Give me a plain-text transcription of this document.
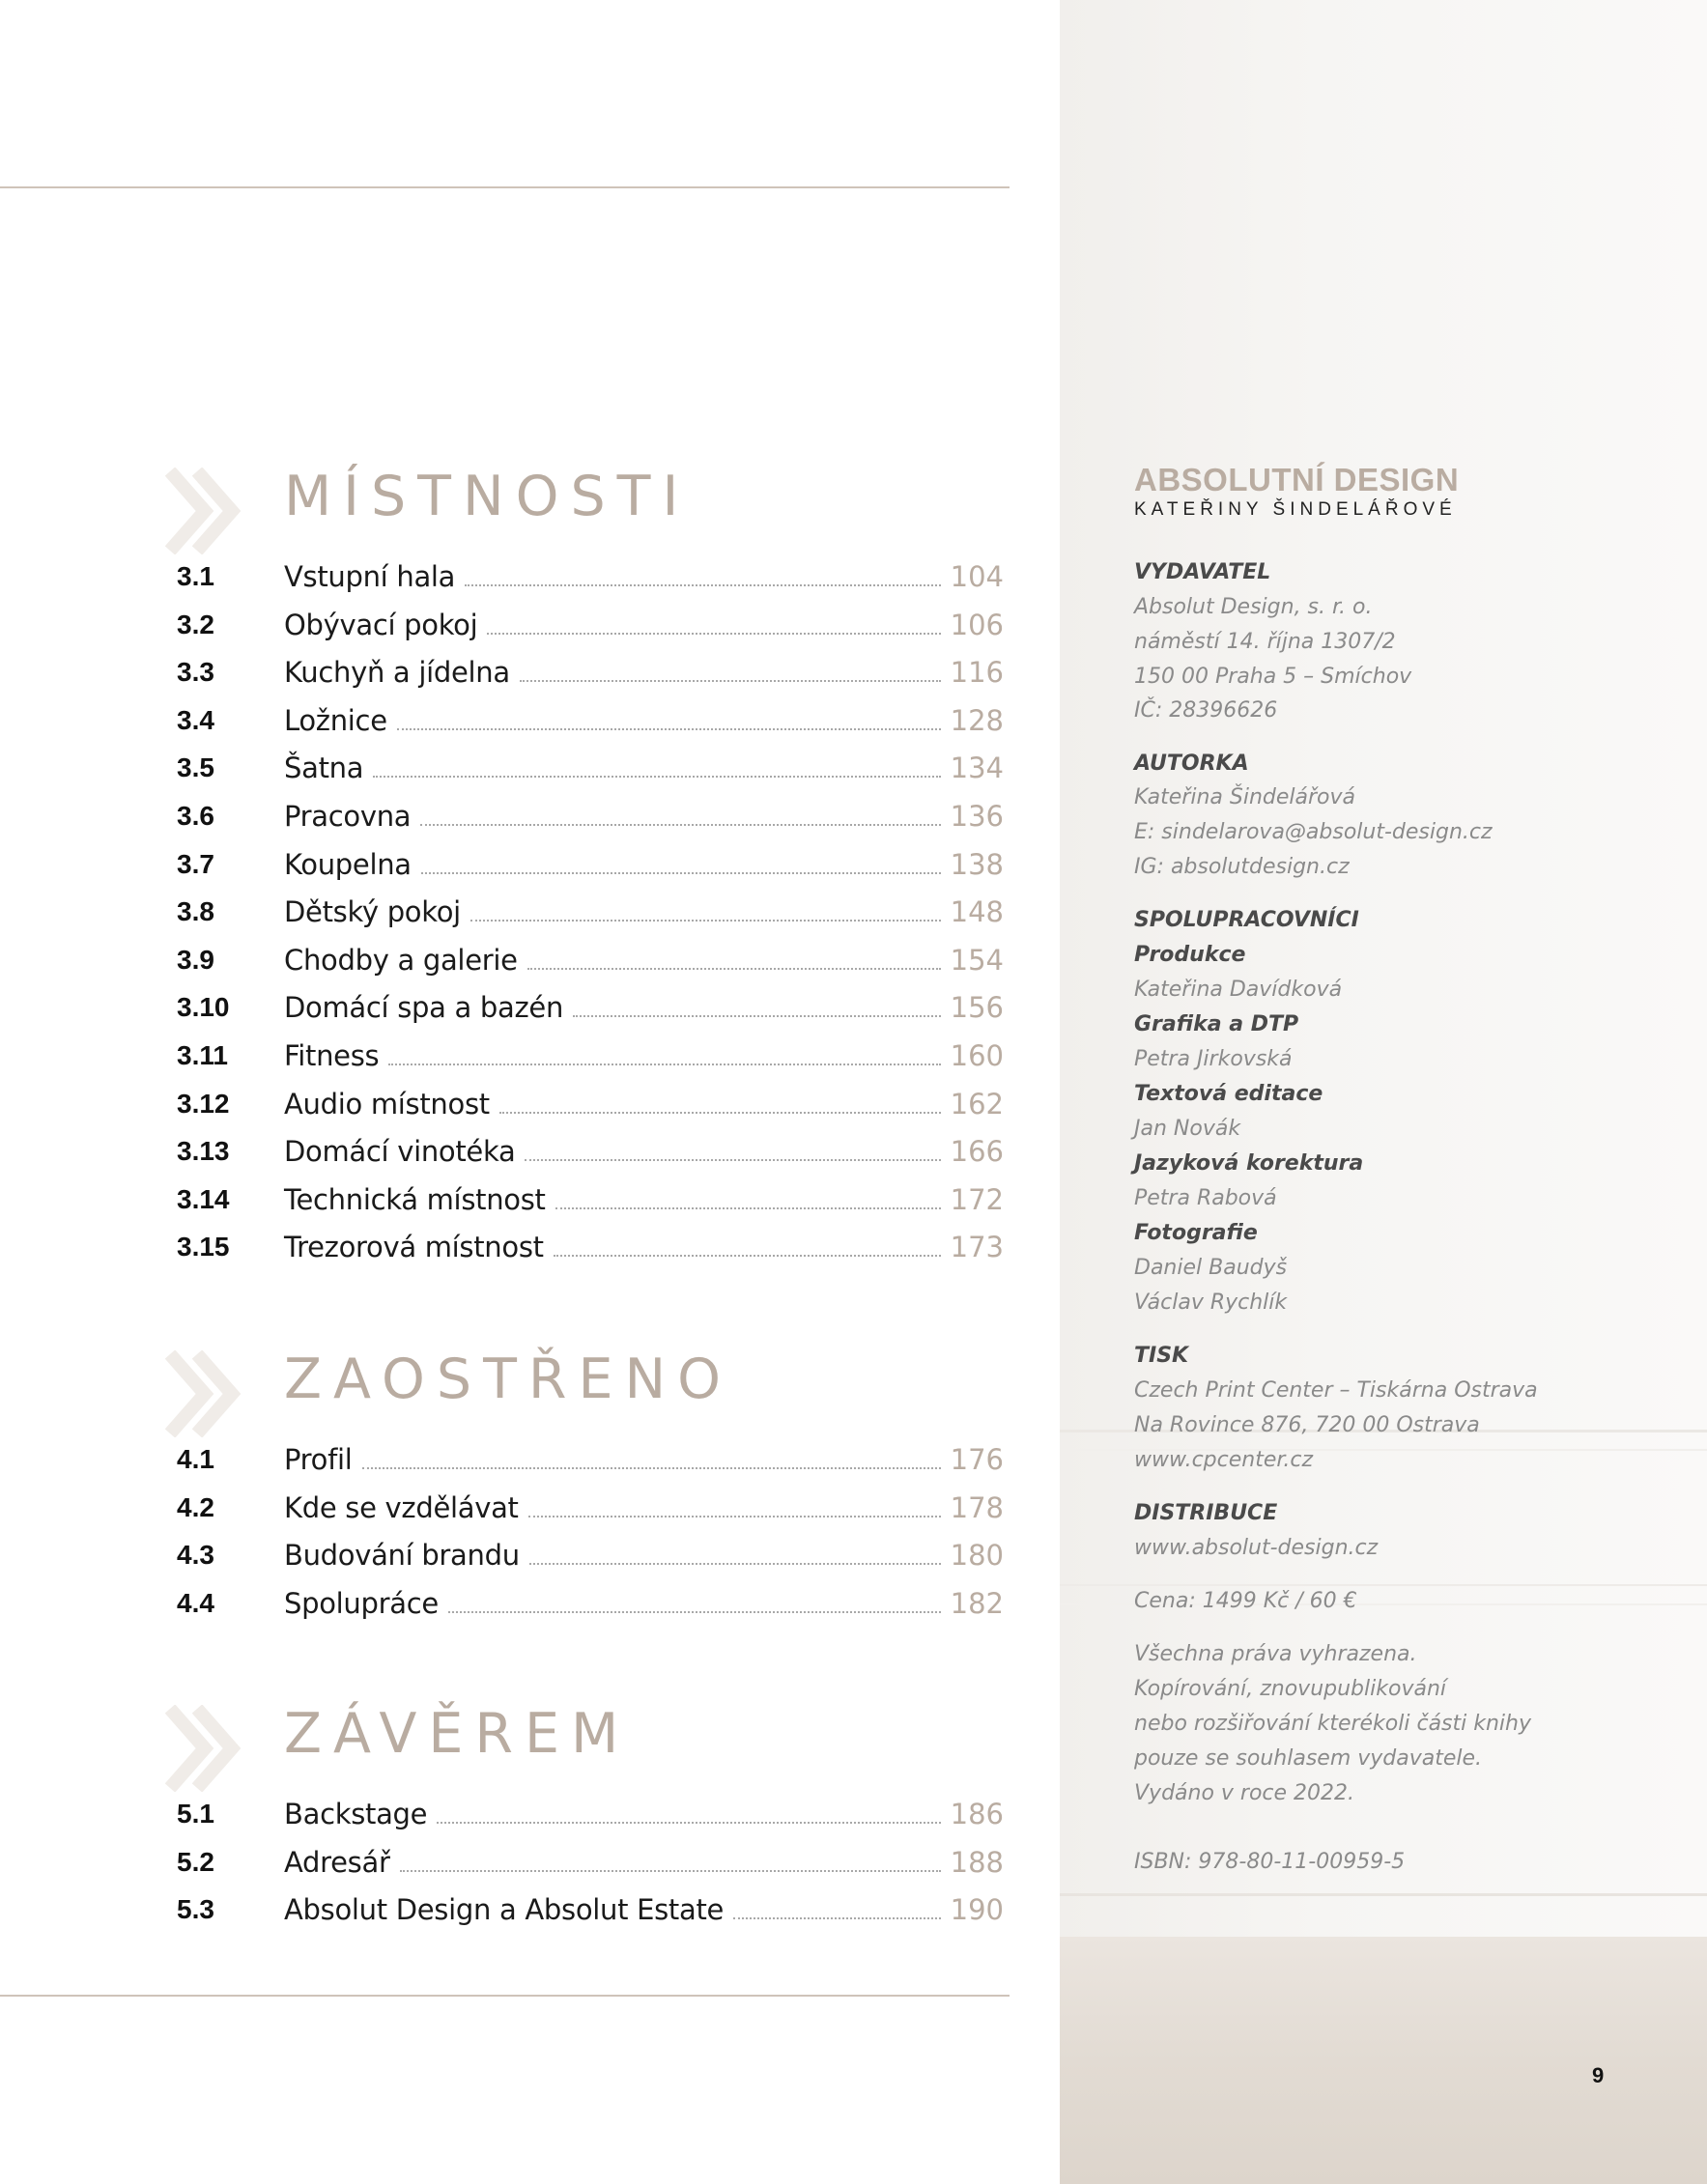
MÍSTNOSTI
3.1 Vstupní hala	104
3.2 Obývací pokoj	106
3.3 Kuchyň a jídelna	116
3.4 Ložnice	128
3.5 Šatna	134
3.6 Pracovna	136
3.7 Koupelna	138
3.8 Dětský pokoj	148
3.9 Chodby a galerie	154
3.10 Domácí spa a bazén	156
3.11 Fitness	160
3.12 Audio místnost	162
3.13 Domácí vinotéka	166
3.14 Technická místnost	172
3.15 Trezorová místnost	173
ZAOSTŘENO
4.1 Profil	176
4.2 Kde se vzdělávat	178
4.3 Budování brandu	180
4.4 Spolupráce	182
ZÁVĚREM
5.1 Backstage	186
5.2 Adresář	188
5.3 Absolut Design a Absolut Estate	190
ABSOLUTNÍ DESIGN
KATEŘINY ŠINDELÁŘOVÉ
VYDAVATEL
Absolut Design, s. r. o.
náměstí 14. října 1307/2
150 00 Praha 5 – Smíchov
IČ: 28396626
AUTORKA
Kateřina Šindelářová
E: sindelarova@absolut-design.cz
IG: absolutdesign.cz
SPOLUPRACOVNÍCI
Produkce
Kateřina Davídková
Grafika a DTP
Petra Jirkovská
Textová editace
Jan Novák
Jazyková korektura
Petra Rabová
Fotografie
Daniel Baudyš
Václav Rychlík
TISK
Czech Print Center – Tiskárna Ostrava
Na Rovince 876, 720 00 Ostrava
www.cpcenter.cz
DISTRIBUCE
www.absolut-design.cz
Cena: 1499 Kč / 60 €
Všechna práva vyhrazena.
Kopírování, znovupublikování
nebo rozšiřování kterékoli části knihy
pouze se souhlasem vydavatele.
Vydáno v roce 2022.
ISBN: 978-80-11-00959-5
9
